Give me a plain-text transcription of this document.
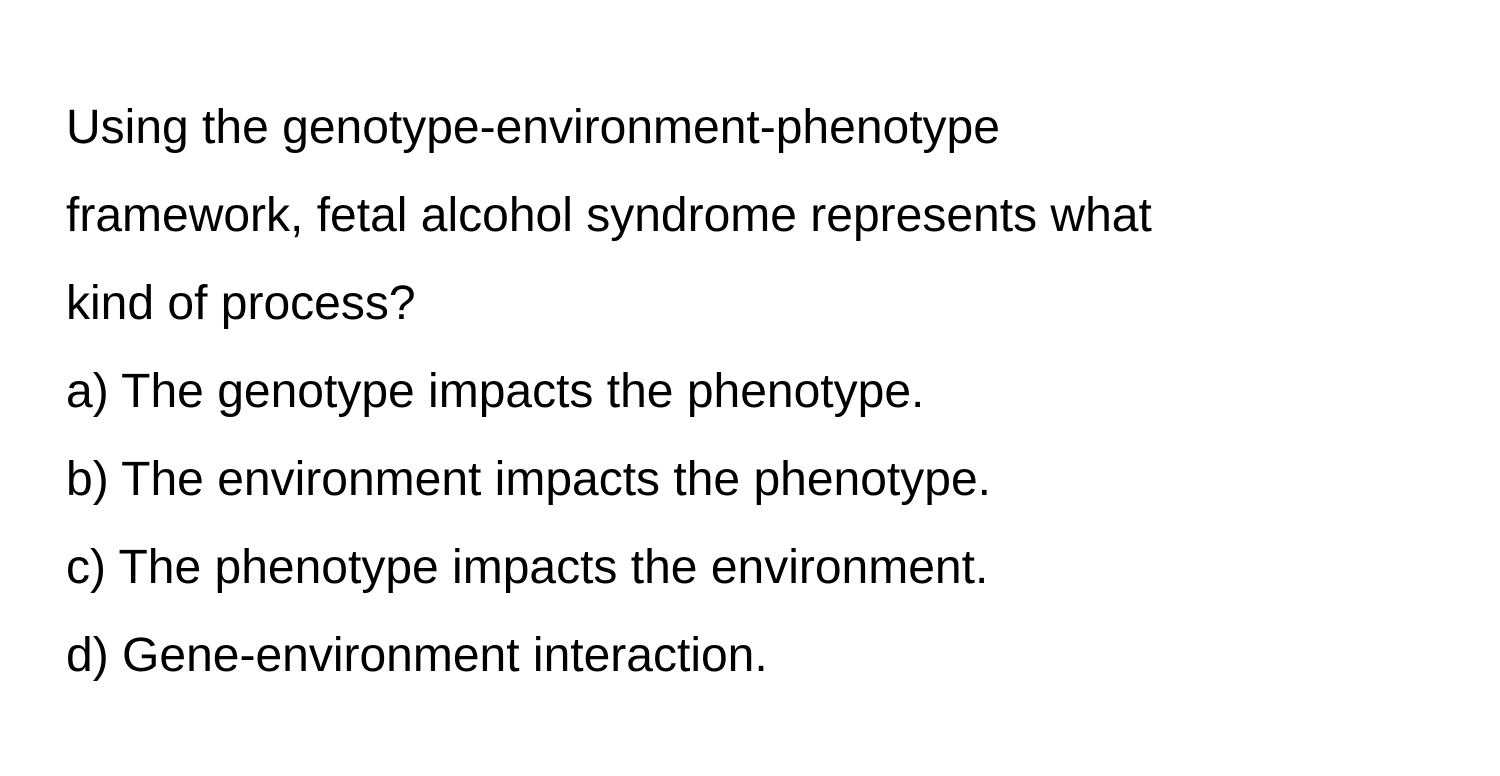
Using the genotype-environment-phenotype
framework, fetal alcohol syndrome represents what
kind of process?
a) The genotype impacts the phenotype.
b) The environment impacts the phenotype.
c) The phenotype impacts the environment.
d) Gene-environment interaction.
